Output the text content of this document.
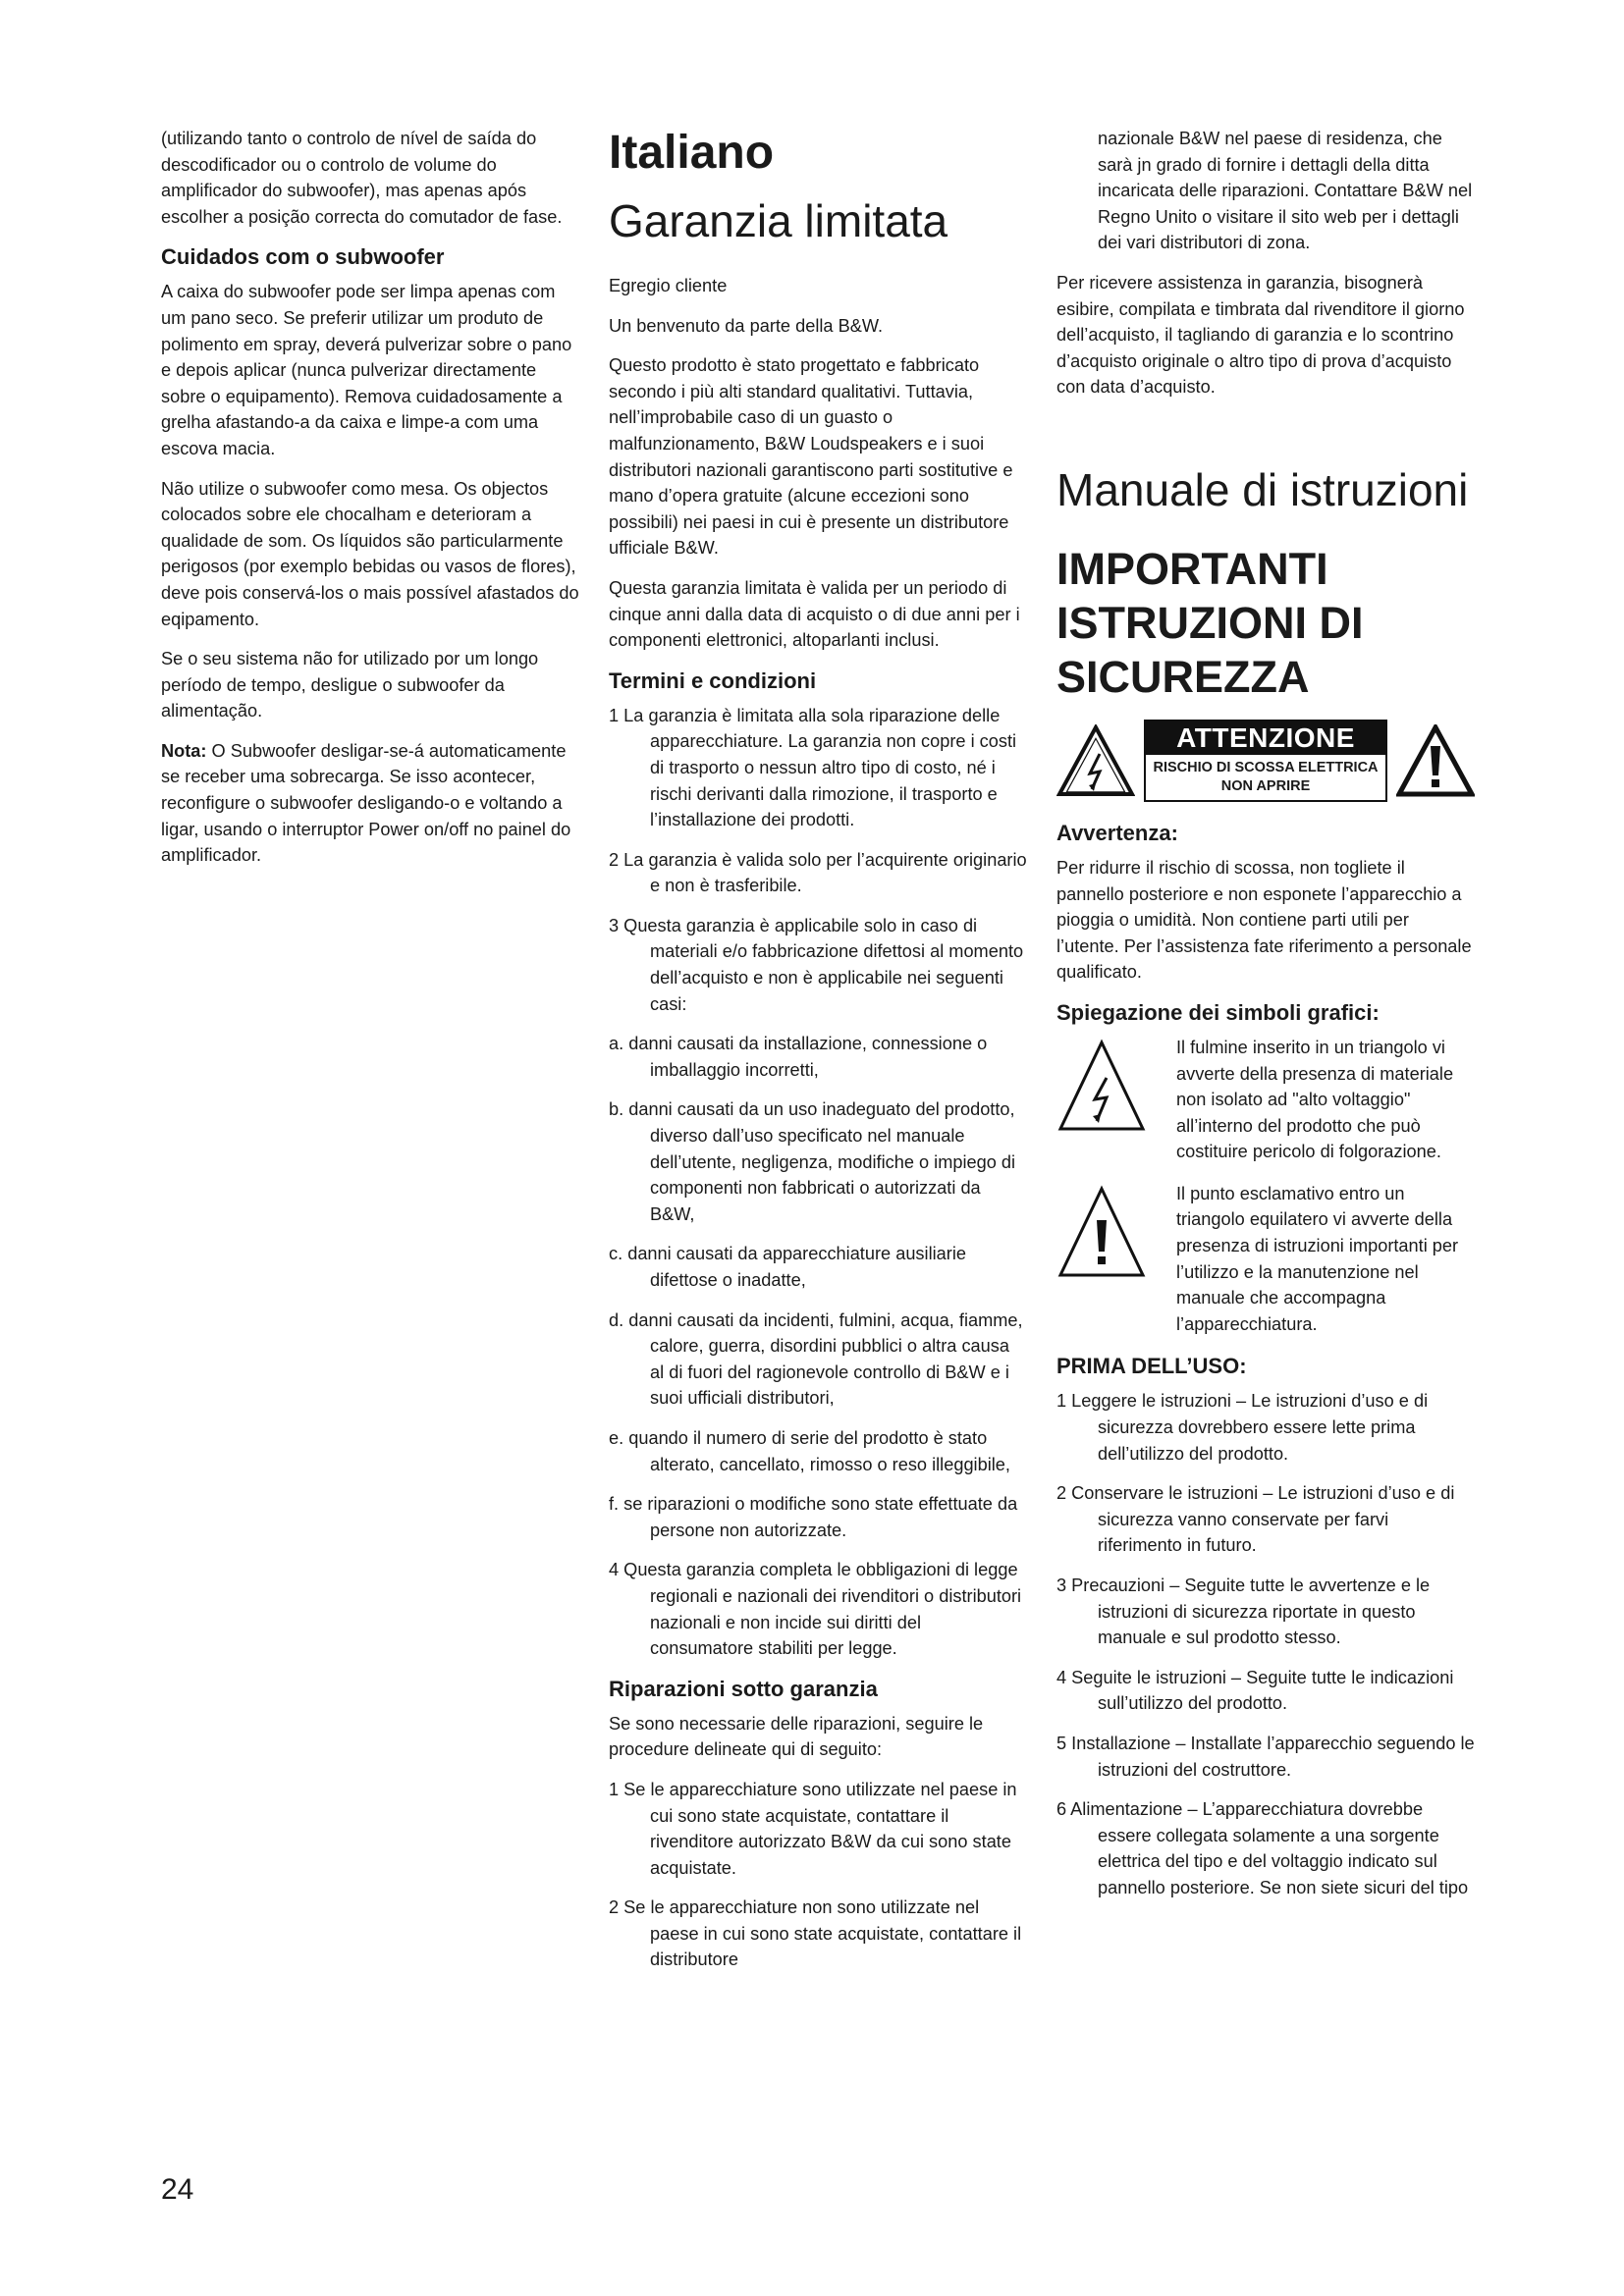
(utilizando tanto o controlo de nível de saída do descodificador ou o controlo de volume do amplificador do subwoofer), mas apenas após escolher a posição correcta do comutador de fase.

Cuidados com o subwoofer

A caixa do subwoofer pode ser limpa apenas com um pano seco. Se preferir utilizar um produto de polimento em spray, deverá pulverizar sobre o pano e depois aplicar (nunca pulverizar directamente sobre o equipamento). Remova cuidadosamente a grelha afastando-a da caixa e limpe-a com uma escova macia.

Não utilize o subwoofer como mesa. Os objectos colocados sobre ele chocalham e deterioram a qualidade de som. Os líquidos são particularmente perigosos (por exemplo bebidas ou vasos de flores), deve pois conservá-los o mais possível afastados do eqipamento.

Se o seu sistema não for utilizado por um longo período de tempo, desligue o subwoofer da alimentação.

Nota: O Subwoofer desligar-se-á automaticamente se receber uma sobrecarga. Se isso acontecer, reconfigure o subwoofer desligando-o e voltando a ligar, usando o interruptor Power on/off no painel do amplificador.

Italiano
Garanzia limitata

Egregio cliente

Un benvenuto da parte della B&W.

Questo prodotto è stato progettato e fabbricato secondo i più alti standard qualitativi. Tuttavia, nell’improbabile caso di un guasto o malfunzionamento, B&W Loudspeakers e i suoi distributori nazionali garantiscono parti sostitutive e mano d’opera gratuite (alcune eccezioni sono possibili) nei paesi in cui è presente un distributore ufficiale B&W.

Questa garanzia limitata è valida per un periodo di cinque anni dalla data di acquisto o di due anni per i componenti elettronici, altoparlanti inclusi.

Termini e condizioni
1 La garanzia è limitata alla sola riparazione delle apparecchiature. La garanzia non copre i costi di trasporto o nessun altro tipo di costo, né i rischi derivanti dalla rimozione, il trasporto e l’installazione dei prodotti.
2 La garanzia è valida solo per l’acquirente originario e non è trasferibile.
3 Questa garanzia è applicabile solo in caso di materiali e/o fabbricazione difettosi al momento dell’acquisto e non è applicabile nei seguenti casi:
a. danni causati da installazione, connessione o imballaggio incorretti,
b. danni causati da un uso inadeguato del prodotto, diverso dall’uso specificato nel manuale dell’utente, negligenza, modifiche o impiego di componenti non fabbricati o autorizzati da B&W,
c. danni causati da apparecchiature ausiliarie difettose o inadatte,
d. danni causati da incidenti, fulmini, acqua, fiamme, calore, guerra, disordini pubblici o altra causa al di fuori del ragionevole controllo di B&W e i suoi ufficiali distributori,
e. quando il numero di serie del prodotto è stato alterato, cancellato, rimosso o reso illeggibile,
f. se riparazioni o modifiche sono state effettuate da persone non autorizzate.
4 Questa garanzia completa le obbligazioni di legge regionali e nazionali dei rivenditori o distributori nazionali e non incide sui diritti del consumatore stabiliti per legge.
Riparazioni sotto garanzia

Se sono necessarie delle riparazioni, seguire le procedure delineate qui di seguito:

1 Se le apparecchiature sono utilizzate nel paese in cui sono state acquistate, contattare il rivenditore autorizzato B&W da cui sono state acquistate.
2 Se le apparecchiature non sono utilizzate nel paese in cui sono state acquistate, contattare il distributore

nazionale B&W nel paese di residenza, che sarà jn grado di fornire i dettagli della ditta incaricata delle riparazioni. Contattare B&W nel Regno Unito o visitare il sito web per i dettagli dei vari distributori di zona.

Per ricevere assistenza in garanzia, bisognerà esibire, compilata e timbrata dal rivenditore il giorno dell’acquisto, il tagliando di garanzia e lo scontrino d’acquisto originale o altro tipo di prova d’acquisto con data d’acquisto.

Manuale di istruzioni
IMPORTANTI
ISTRUZIONI DI
SICUREZZA
ATTENZIONE
RISCHIO DI SCOSSA ELETTRICA
NON APRIRE
Avvertenza:

Per ridurre il rischio di scossa, non togliete il pannello posteriore e non esponete l’apparecchio a pioggia o umidità. Non contiene parti utili per l’utente. Per l’assistenza fate riferimento a personale qualificato.

Spiegazione dei simboli grafici:

Il fulmine inserito in un triangolo vi avverte della presenza di materiale non isolato ad "alto voltaggio" all’interno del prodotto che può costituire pericolo di folgorazione.

Il punto esclamativo entro un triangolo equilatero vi avverte della presenza di istruzioni importanti per l’utilizzo e la manutenzione nel manuale che accompagna l’apparecchiatura.

PRIMA DELL’USO:
1 Leggere le istruzioni – Le istruzioni d’uso e di sicurezza dovrebbero essere lette prima dell’utilizzo del prodotto.
2 Conservare le istruzioni – Le istruzioni d’uso e di sicurezza vanno conservate per farvi riferimento in futuro.
3 Precauzioni – Seguite tutte le avvertenze e le istruzioni di sicurezza riportate in questo manuale e sul prodotto stesso.
4 Seguite le istruzioni – Seguite tutte le indicazioni sull’utilizzo del prodotto.
5 Installazione – Installate l’apparecchio seguendo le istruzioni del costruttore.
6 Alimentazione – L’apparecchiatura dovrebbe essere collegata solamente a una sorgente elettrica del tipo e del voltaggio indicato sul pannello posteriore. Se non siete sicuri del tipo
24
